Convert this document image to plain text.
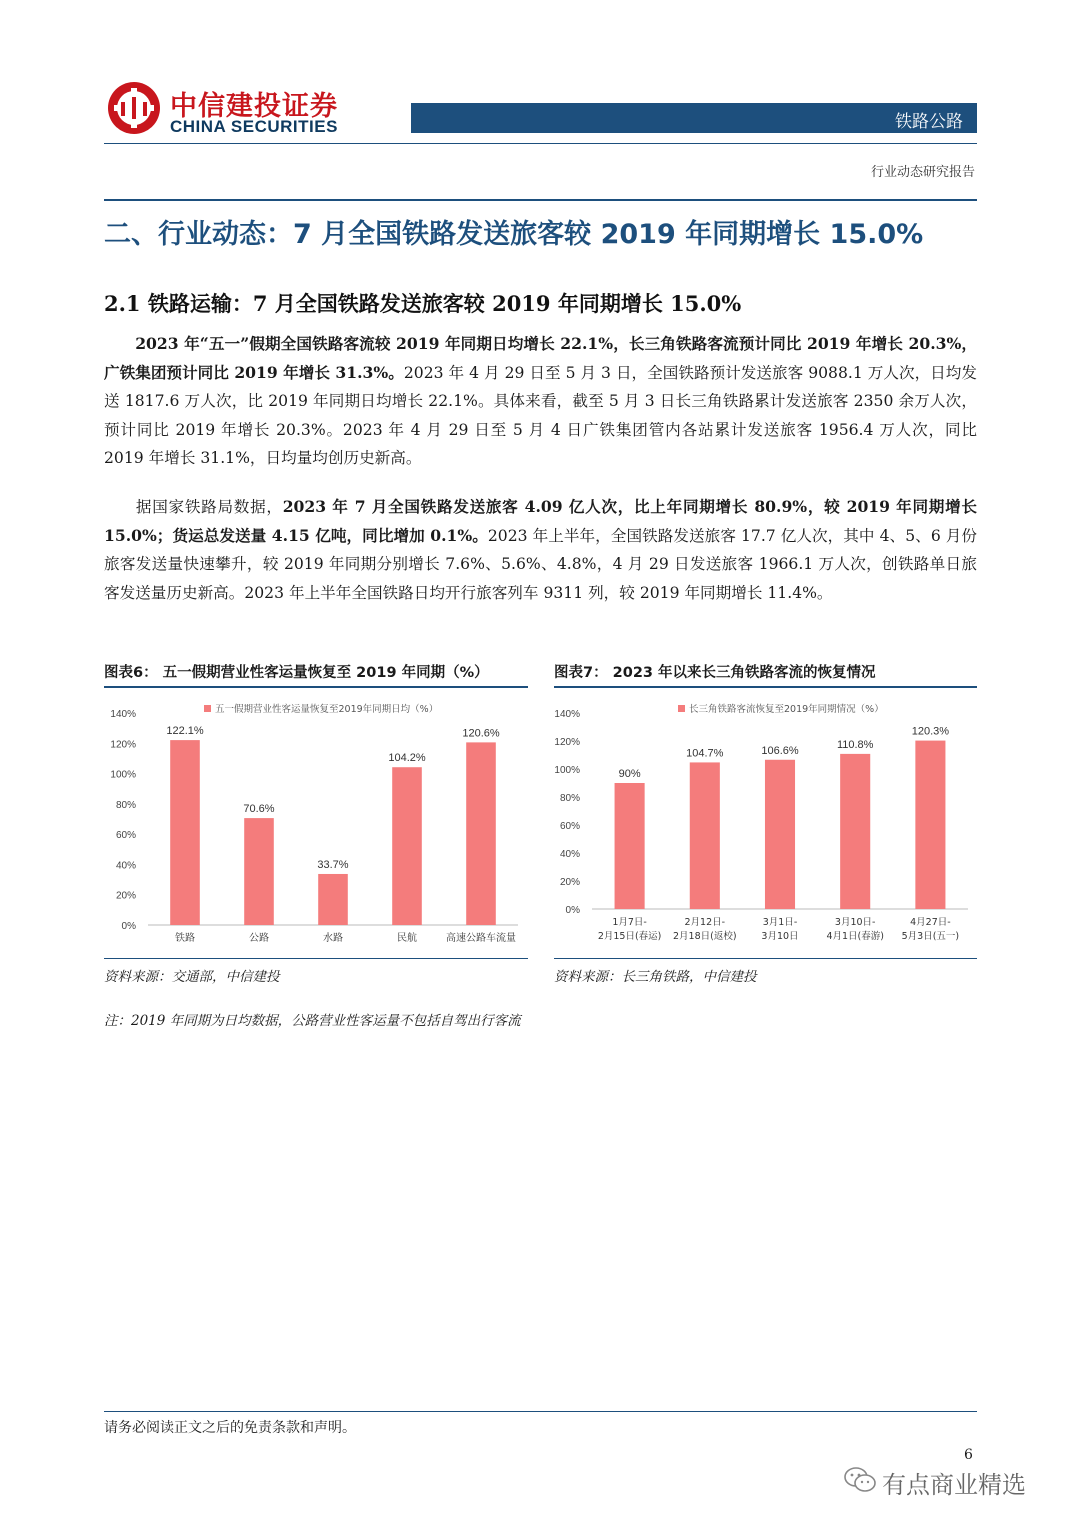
中信建投证券
CHINA SECURITIES	铁路公路
行业动态研究报告
二、行业动态：7 月全国铁路发送旅客较 2019 年同期增长 15.0%
2.1 铁路运输：7 月全国铁路发送旅客较 2019 年同期增长 15.0%

  2023 年“五一”假期全国铁路客流较 2019 年同期日均增长 22.1%，长三角铁路客流预计同比 2019 年增长 20.3%，广铁集团预计同比 2019 年增长 31.3%。2023 年 4 月 29 日至 5 月 3 日，全国铁路预计发送旅客 9088.1 万人次，日均发送 1817.6 万人次，比 2019 年同期日均增长 22.1%。具体来看，截至 5 月 3 日长三角铁路累计发送旅客 2350 余万人次，预计同比 2019 年增长 20.3%。2023 年 4 月 29 日至 5 月 4 日广铁集团管内各站累计发送旅客 1956.4 万人次，同比 2019 年增长 31.1%，日均量均创历史新高。

  据国家铁路局数据，2023 年 7 月全国铁路发送旅客 4.09 亿人次，比上年同期增长 80.9%，较 2019 年同期增长 15.0%；货运总发送量 4.15 亿吨，同比增加 0.1%。2023 年上半年，全国铁路发送旅客 17.7 亿人次，其中 4、5、6 月份旅客发送量快速攀升，较 2019 年同期分别增长 7.6%、5.6%、4.8%，4 月 29 日发送旅客 1966.1 万人次，创铁路单日旅客发送量历史新高。2023 年上半年全国铁路日均开行旅客列车 9311 列，较 2019 年同期增长 11.4%。

图表6： 五一假期营业性客运量恢复至 2019 年同期（%）
五一假期营业性客运量恢复至2019年同期日均（%）
0%
20%
40%
60%
80%
100%
120%
140%
122.1%
铁路
70.6%
公路
33.7%
水路
104.2%
民航
120.6%
高速公路车流量
资料来源：交通部，中信建投
注：2019 年同期为日均数据，公路营业性客运量不包括自驾出行客流
图表7： 2023 年以来长三角铁路客流的恢复情况
长三角铁路客流恢复至2019年同期情况（%）
0%
20%
40%
60%
80%
100%
120%
140%
90%
1月7日-
2月15日(春运)
104.7%
2月12日-
2月18日(返校)
106.6%
3月1日-
3月10日
110.8%
3月10日-
4月1日(春游)
120.3%
4月27日-
5月3日(五一)
资料来源：长三角铁路，中信建投
请务必阅读正文之后的免责条款和声明。
6
有点商业精选
